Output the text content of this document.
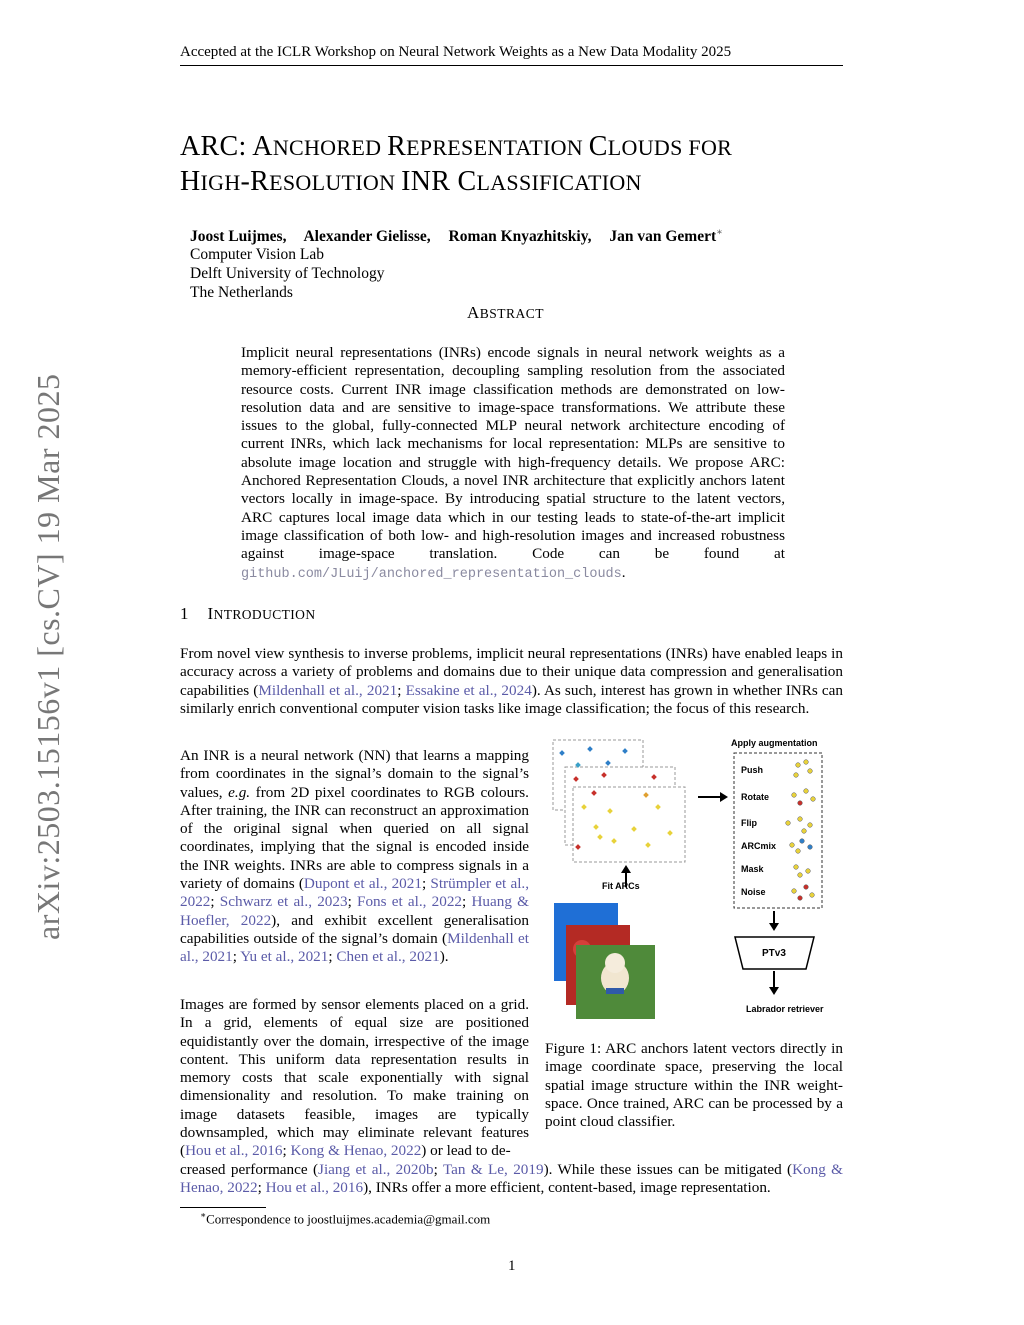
Accepted at the ICLR Workshop on Neural Network Weights as a New Data Modality 2025
arXiv:2503.15156v1 [cs.CV] 19 Mar 2025
ARC: ANCHORED REPRESENTATION CLOUDS FOR
HIGH-RESOLUTION INR CLASSIFICATION
Joost Luijmes, Alexander Gielisse, Roman Knyazhitskiy, Jan van Gemert∗
Computer Vision Lab
Delft University of Technology
The Netherlands
ABSTRACT
Implicit neural representations (INRs) encode signals in neural network weights as a memory-efficient representation, decoupling sampling resolution from the associated resource costs. Current INR image classification methods are demonstrated on low-resolution data and are sensitive to image-space transformations. We attribute these issues to the global, fully-connected MLP neural network architecture encoding of current INRs, which lack mechanisms for local representation: MLPs are sensitive to absolute image location and struggle with high-frequency details. We propose ARC: Anchored Representation Clouds, a novel INR architecture that explicitly anchors latent vectors locally in image-space. By introducing spatial structure to the latent vectors, ARC captures local image data which in our testing leads to state-of-the-art implicit image classification of both low- and high-resolution images and increased robustness against image-space translation. Code can be found at github.com/JLuij/anchored_representation_clouds.
1 INTRODUCTION
From novel view synthesis to inverse problems, implicit neural representations (INRs) have enabled leaps in accuracy across a variety of problems and domains due to their unique data compression and generalisation capabilities (Mildenhall et al., 2021; Essakine et al., 2024). As such, interest has grown in whether INRs can similarly enrich conventional computer vision tasks like image classification; the focus of this research.
An INR is a neural network (NN) that learns a mapping from coordinates in the signal’s domain to the signal’s values, e.g. from 2D pixel coordinates to RGB colours. After training, the INR can reconstruct an approximation of the original signal when queried on all signal coordinates, implying that the signal is encoded inside the INR weights. INRs are able to compress signals in a variety of domains (Dupont et al., 2021; Strümpler et al., 2022; Schwarz et al., 2023; Fons et al., 2022; Huang & Hoefler, 2022), and exhibit excellent generalisation capabilities outside of the signal’s domain (Mildenhall et al., 2021; Yu et al., 2021; Chen et al., 2021).
Images are formed by sensor elements placed on a grid. In a grid, elements of equal size are positioned equidistantly over the domain, irrespective of the image content. This uniform data representation results in memory costs that scale exponentially with signal dimensionality and resolution. To make training on image datasets feasible, images are typically downsampled, which may eliminate relevant features (Hou et al., 2016; Kong & Henao, 2022) or lead to de-
creased performance (Jiang et al., 2020b; Tan & Le, 2019). While these issues can be mitigated (Kong & Henao, 2022; Hou et al., 2016), INRs offer a more efficient, content-based, image representation.
Apply augmentation
Push
Rotate
Flip
ARCmix
Mask
Noise
Fit ARCs
PTv3
Labrador retriever
Figure 1: ARC anchors latent vectors directly in image coordinate space, preserving the local spatial image structure within the INR weight-space. Once trained, ARC can be processed by a point cloud classifier.
∗Correspondence to joostluijmes.academia@gmail.com
1
